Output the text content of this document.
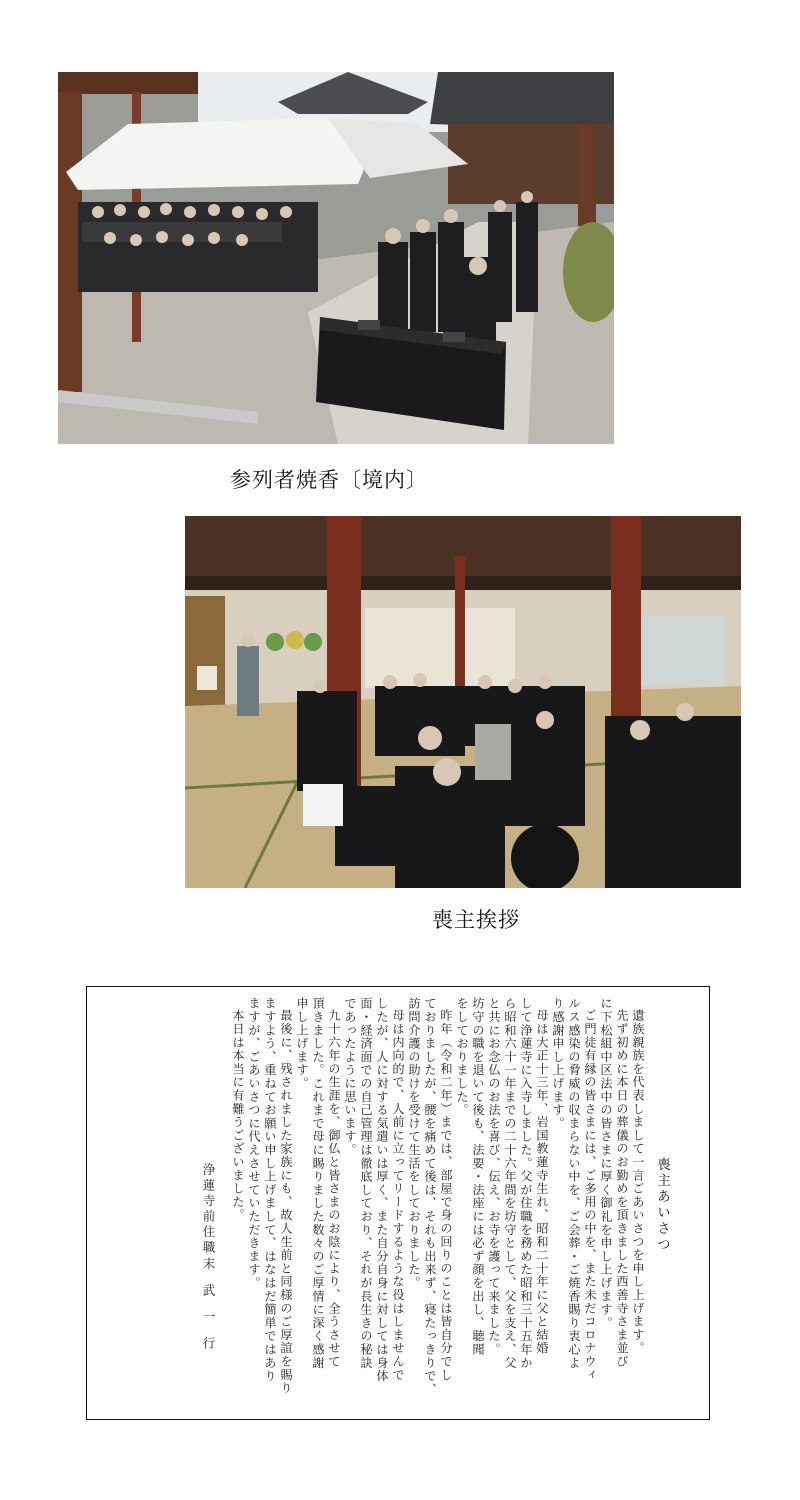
参列者焼香〔境内〕
喪主挨拶
喪主あいさつ
遺族親族を代表しまして一言ごあいさつを申し上げます。
先ず初めに本日の葬儀のお勤めを頂きました西善寺さま並び
に下松組中区法中の皆さまに厚く御礼を申し上げます。
ご門徒有縁の皆さまには、ご多用の中を、また未だコロナウィ
ルス感染の脅威の収まらない中を、ご会葬・ご焼香賜り衷心よ
り感謝申し上げます。
母は大正十三年、岩国教蓮寺生れ、昭和二十年に父と結婚
して浄蓮寺に入寺しました。父が住職を務めた昭和三十五年か
ら昭和六十一年までの二十六年間を坊守として、父を支え、父
と共にお念仏のお法を喜び、伝え、お寺を護って来ました。
坊守の職を退いて後も、法要・法座には必ず顔を出し、聴聞
をしておりました。
昨年（令和二年）までは、部屋で身の回りのことは皆自分でし
ておりましたが、腰を痛めて後は、それも出来ず、寝たっきりで、
訪問介護の助けを受けて生活をしておりました。
母は内向的で、人前に立ってリードするような役はしませんで
したが、人に対する気遣いは厚く、また自分自身に対しては身体
面・経済面での自己管理は徹底しており、それが長生きの秘訣
であったように思います。
九十六年の生涯を、御仏と皆さまのお陰により、全うさせて
頂きました。これまで母に賜りました数々のご厚情に深く感謝
申し上げます。
最後に、残されました家族にも、故人生前と同様のご厚誼を賜り
ますよう、重ねてお願い申し上げまして、はなはだ簡単ではあり
ますが、ごあいさつに代えさせていただきます。
本日は本当に有難うございました。
浄蓮寺前住職
末武一行
